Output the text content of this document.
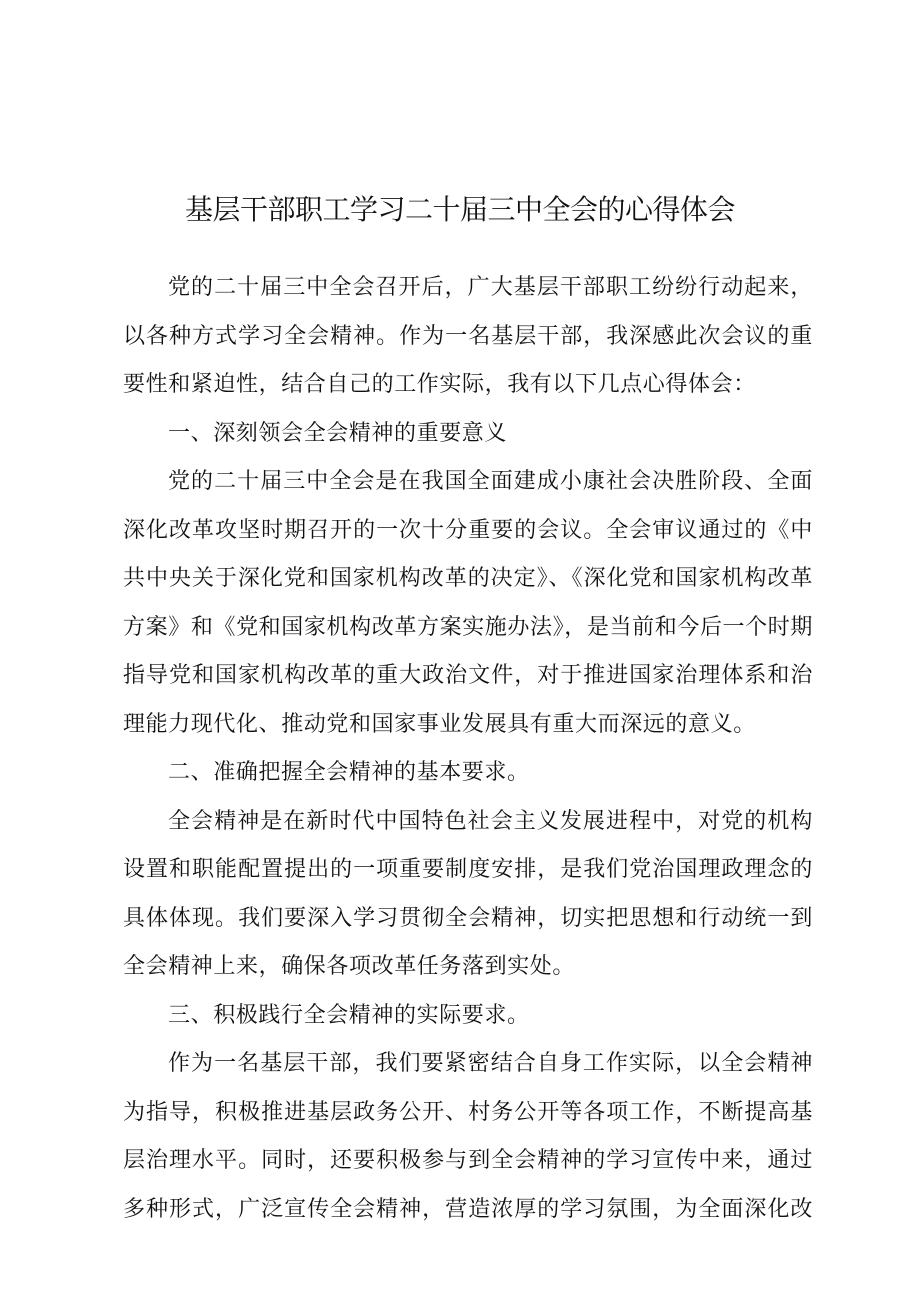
基层干部职工学习二十届三中全会的心得体会

党的二十届三中全会召开后，广大基层干部职工纷纷行动起来，以各种方式学习全会精神。作为一名基层干部，我深感此次会议的重要性和紧迫性，结合自己的工作实际，我有以下几点心得体会：

一、深刻领会全会精神的重要意义

党的二十届三中全会是在我国全面建成小康社会决胜阶段、全面深化改革攻坚时期召开的一次十分重要的会议。全会审议通过的《中共中央关于深化党和国家机构改革的决定》、《深化党和国家机构改革方案》和《党和国家机构改革方案实施办法》，是当前和今后一个时期指导党和国家机构改革的重大政治文件，对于推进国家治理体系和治理能力现代化、推动党和国家事业发展具有重大而深远的意义。

二、准确把握全会精神的基本要求。

全会精神是在新时代中国特色社会主义发展进程中，对党的机构设置和职能配置提出的一项重要制度安排，是我们党治国理政理念的具体体现。我们要深入学习贯彻全会精神，切实把思想和行动统一到全会精神上来，确保各项改革任务落到实处。

三、积极践行全会精神的实际要求。

作为一名基层干部，我们要紧密结合自身工作实际，以全会精神为指导，积极推进基层政务公开、村务公开等各项工作，不断提高基层治理水平。同时，还要积极参与到全会精神的学习宣传中来，通过多种形式，广泛宣传全会精神，营造浓厚的学习氛围，为全面深化改
